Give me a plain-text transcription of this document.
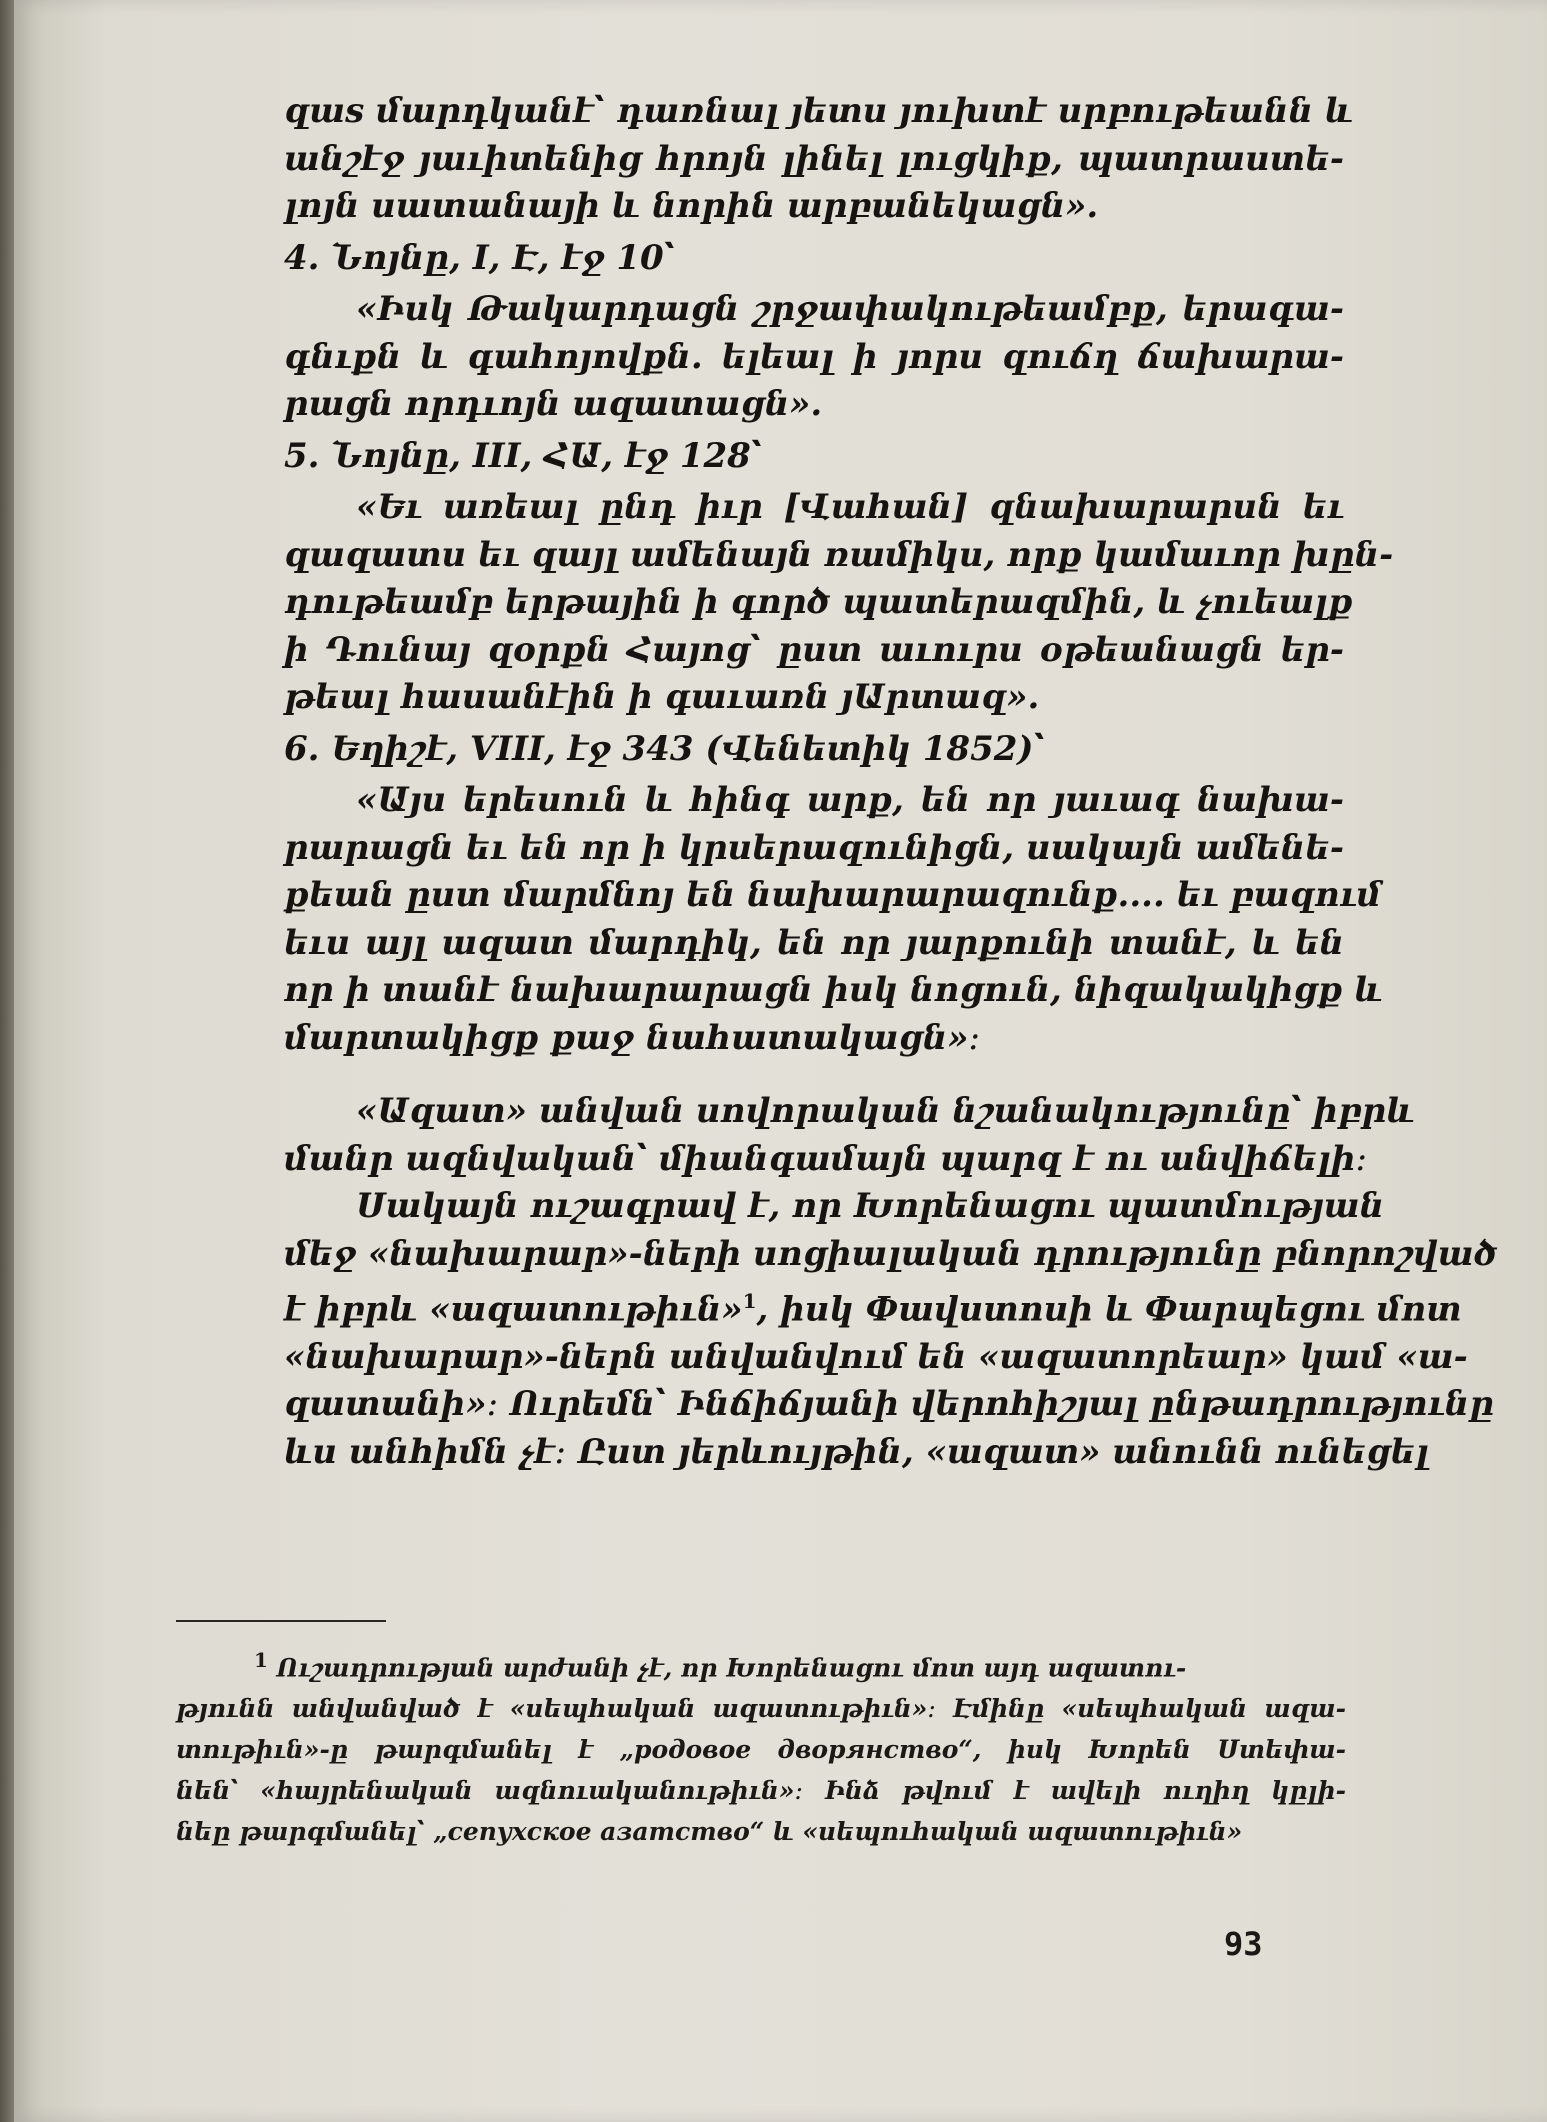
զաs մարդկանէ՝ դառնալ յետս յուխտէ սրբութեանն և
անշէջ յաւիտենից հրոյն լինել լուցկիք, պատրաստե-
լոյն սատանայի և նորին արբանեկացն».
4. Նոյնը, I, Է, էջ 10՝
«Իսկ Թակարդացն շրջափակութեամբք, երագա-
գնւքն և գահոյովքն. ելեալ ի յորս զուճղ ճախարա-
րացն որդւոյն ազատացն».
5. Նոյնը, III, ՀԱ, էջ 128՝
«Եւ առեալ ընդ իւր [Վահան] զնախարարսն եւ
զազատս եւ զայլ ամենայն ռամիկս, որք կամաւոր խըն-
դութեամբ երթային ի գործ պատերազմին, և չուեալք
ի Դունայ զօրքն Հայոց՝ ըստ աւուրս օթեանացն եր-
թեալ հասանէին ի գաւառն յԱրտազ».
6. Եղիշէ, VIII, էջ 343 (Վենետիկ 1852)՝
«Այս երեսուն և հինգ արք, են որ յաւագ նախա-
րարացն եւ են որ ի կրսերազունիցն, սակայն ամենե-
քեան ըստ մարմնոյ են նախարարազունք.... եւ բազում
եւս այլ ազատ մարդիկ, են որ յարքունի տանէ, և են
որ ի տանէ նախարարացն իսկ նոցուն, նիզակակիցք և
մարտակիցք քաջ նահատակացն»։
«Ազատ» անվան սովորական նշանակությունը՝ իբրև
մանր ազնվական՝ միանգամայն պարզ է ու անվիճելի։
Սակայն ուշագրավ է, որ Խորենացու պատմության
մեջ «նախարար»-ների սոցիալական դրությունը բնորոշված
է իբրև «ազատութիւն»$^1$, իսկ Փավստոսի և Փարպեցու մոտ
«նախարար»-ներն անվանվում են «ազատորեար» կամ «ա-
զատանի»։ Ուրեմն՝ Ինճիճյանի վերոհիշյալ ընթադրությունը
ևս անհիմն չէ։ Ըստ յերևույթին, «ազատ» անունն ունեցել
$^1$ Ուշադրության արժանի չէ, որ Խորենացու մոտ այդ ազատու-
թյունն անվանված է «սեպհական ազատութիւն»։ Էմինը «սեպհական ազա-
տութիւն»-ը թարգմանել է „родовое дворянство“, իսկ Խորեն Ստեփա-
նեն՝ «հայրենական ազնուականութիւն»։ Ինձ թվում է ավելի ուղիղ կըլի-
նեը թարգմանել՝ „сепухское азатство“ և «սեպուհական ազատութիւն»
93
